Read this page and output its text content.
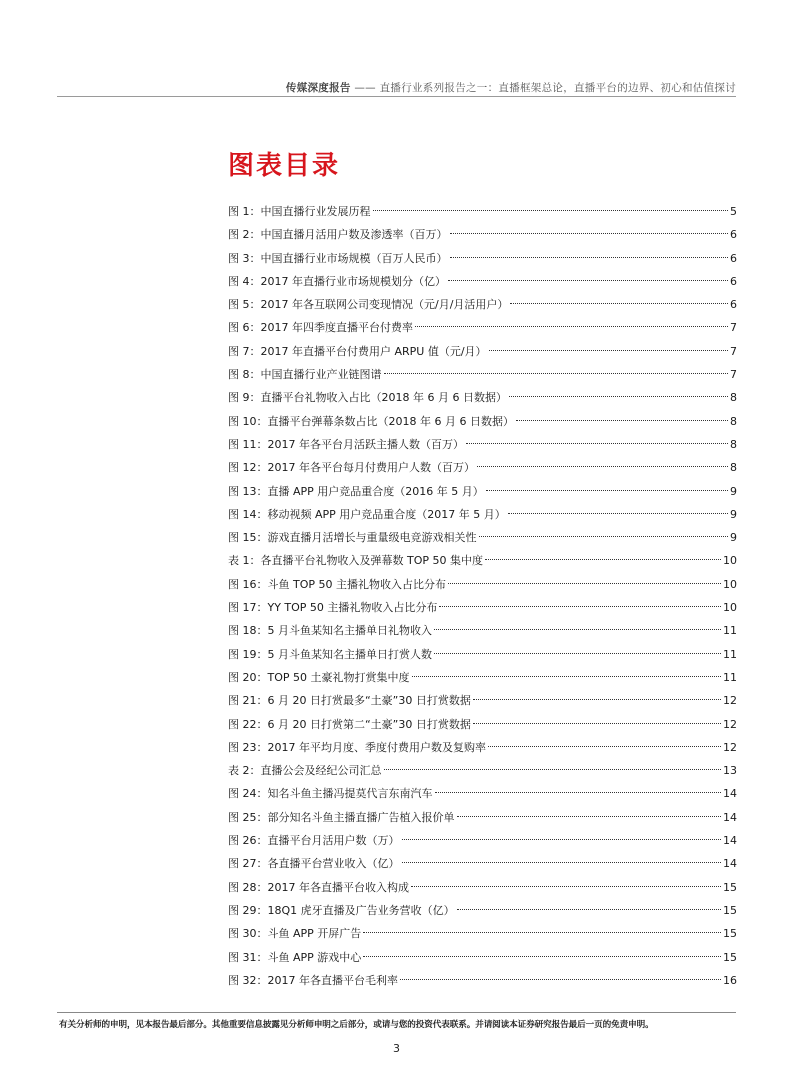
传媒深度报告 —— 直播行业系列报告之一：直播框架总论，直播平台的边界、初心和估值探讨
图表目录
图 1：中国直播行业发展历程	5
图 2：中国直播月活用户数及渗透率（百万）	6
图 3：中国直播行业市场规模（百万人民币）	6
图 4：2017 年直播行业市场规模划分（亿）	6
图 5：2017 年各互联网公司变现情况（元/月/月活用户）	6
图 6：2017 年四季度直播平台付费率	7
图 7：2017 年直播平台付费用户 ARPU 值（元/月）	7
图 8：中国直播行业产业链图谱	7
图 9：直播平台礼物收入占比（2018 年 6 月 6 日数据）	8
图 10：直播平台弹幕条数占比（2018 年 6 月 6 日数据）	8
图 11：2017 年各平台月活跃主播人数（百万）	8
图 12：2017 年各平台每月付费用户人数（百万）	8
图 13：直播 APP 用户竞品重合度（2016 年 5 月）	9
图 14：移动视频 APP 用户竞品重合度（2017 年 5 月）	9
图 15：游戏直播月活增长与重量级电竞游戏相关性	9
表 1：各直播平台礼物收入及弹幕数 TOP 50 集中度	10
图 16：斗鱼 TOP 50 主播礼物收入占比分布	10
图 17：YY TOP 50 主播礼物收入占比分布	10
图 18：5 月斗鱼某知名主播单日礼物收入	11
图 19：5 月斗鱼某知名主播单日打赏人数	11
图 20：TOP 50 土豪礼物打赏集中度	11
图 21：6 月 20 日打赏最多“土豪”30 日打赏数据	12
图 22：6 月 20 日打赏第二“土豪”30 日打赏数据	12
图 23：2017 年平均月度、季度付费用户数及复购率	12
表 2：直播公会及经纪公司汇总	13
图 24：知名斗鱼主播冯提莫代言东南汽车	14
图 25：部分知名斗鱼主播直播广告植入报价单	14
图 26：直播平台月活用户数（万）	14
图 27：各直播平台营业收入（亿）	14
图 28：2017 年各直播平台收入构成	15
图 29：18Q1 虎牙直播及广告业务营收（亿）	15
图 30：斗鱼 APP 开屏广告	15
图 31：斗鱼 APP 游戏中心	15
图 32：2017 年各直播平台毛利率	16
有关分析师的申明，见本报告最后部分。其他重要信息披露见分析师申明之后部分，或请与您的投资代表联系。并请阅读本证券研究报告最后一页的免责申明。
3
